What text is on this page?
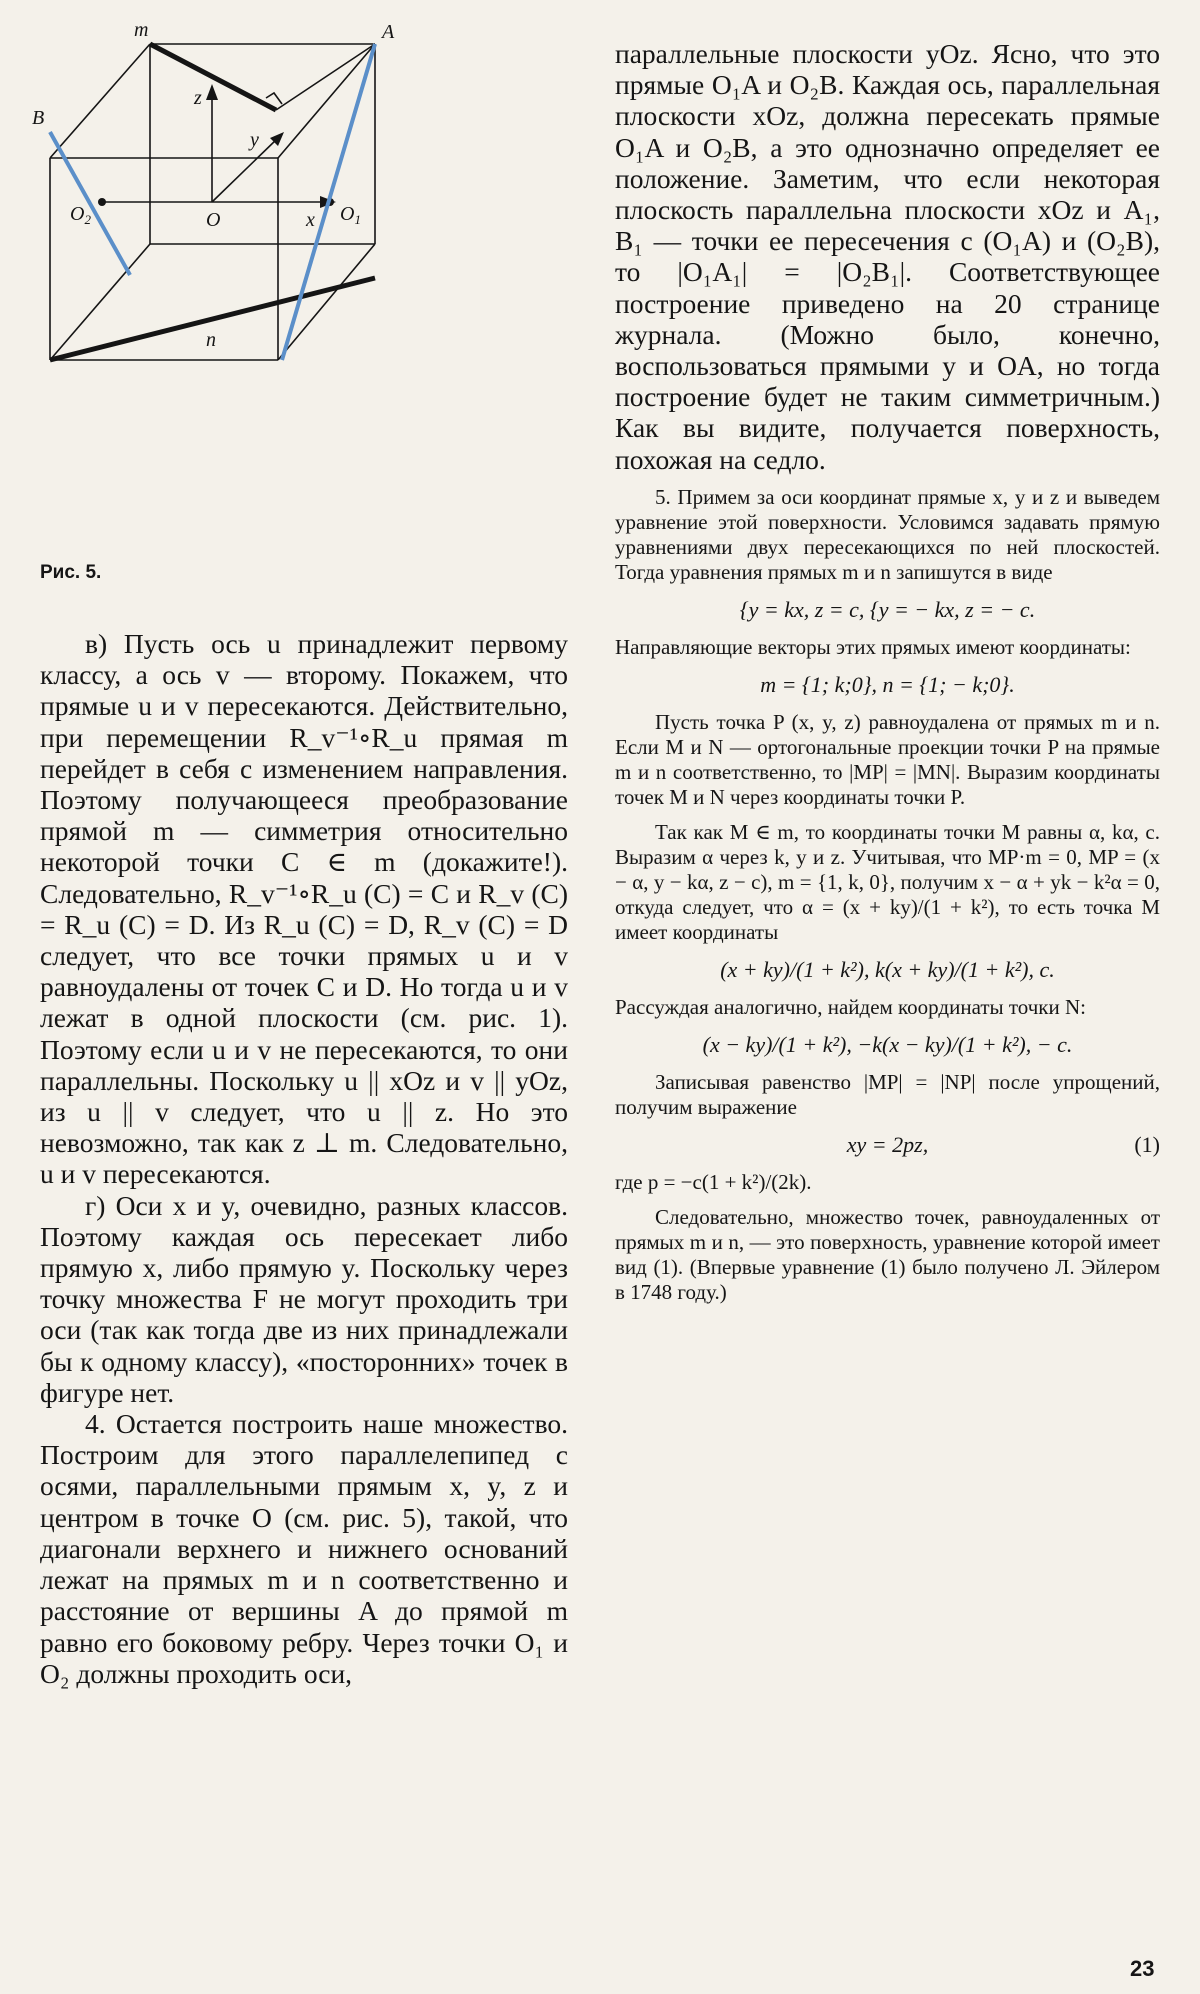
m	A
B
z
y
$O_2$	O	x $O_1$
n
Рис. 5.

в) Пусть ось u принадлежит первому классу, а ось v — второму. Покажем, что прямые u и v пересекаются. Действительно, при перемещении R_v⁻¹∘R_u прямая m перейдет в себя с изменением направления. Поэтому получающееся преобразование прямой m — симметрия относительно некоторой точки C ∈ m (докажите!). Следовательно, R_v⁻¹∘R_u (C) = C и R_v (C) = R_u (C) = D. Из R_u (C) = D, R_v (C) = D следует, что все точки прямых u и v равноудалены от точек C и D. Но тогда u и v лежат в одной плоскости (см. рис. 1). Поэтому если u и v не пересекаются, то они параллельны. Поскольку u || xOz и v || yOz, из u || v следует, что u || z. Но это невозможно, так как z ⊥ m. Следовательно, u и v пересекаются.

г) Оси x и y, очевидно, разных классов. Поэтому каждая ось пересекает либо прямую x, либо прямую y. Поскольку через точку множества F не могут проходить три оси (так как тогда две из них принадлежали бы к одному классу), «посторонних» точек в фигуре нет.

4. Остается построить наше множество. Построим для этого параллелепипед с осями, параллельными прямым x, y, z и центром в точке O (см. рис. 5), такой, что диагонали верхнего и нижнего оснований лежат на прямых m и n соответственно и расстояние от вершины A до прямой m равно его боковому ребру. Через точки O₁ и O₂ должны проходить оси,

параллельные плоскости yOz. Ясно, что это прямые O₁A и O₂B. Каждая ось, параллельная плоскости xOz, должна пересекать прямые O₁A и O₂B, а это однозначно определяет ее положение. Заметим, что если некоторая плоскость параллельна плоскости xOz и A₁, B₁ — точки ее пересечения с (O₁A) и (O₂B), то |O₁A₁| = |O₂B₁|. Соответствующее построение приведено на 20 странице журнала. (Можно было, конечно, воспользоваться прямыми y и OA, но тогда построение будет не таким симметричным.) Как вы видите, получается поверхность, похожая на седло.

5. Примем за оси координат прямые x, y и z и выведем уравнение этой поверхности. Условимся задавать прямую уравнениями двух пересекающихся по ней плоскостей. Тогда уравнения прямых m и n запишутся в виде

{y = kx, z = c, {y = − kx, z = − c.

Направляющие векторы этих прямых имеют координаты:

m = {1; k;0}, n = {1; − k;0}.

Пусть точка P (x, y, z) равноудалена от прямых m и n. Если M и N — ортогональные проекции точки P на прямые m и n соответственно, то |MP| = |MN|. Выразим координаты точек M и N через координаты точки P.

Так как M ∈ m, то координаты точки M равны α, kα, c. Выразим α через k, y и z. Учитывая, что MP·m = 0, MP = (x − α, y − kα, z − c), m = {1, k, 0}, получим x − α + yk − k²α = 0, откуда следует, что α = (x + ky)/(1 + k²), то есть точка M имеет координаты

(x + ky)/(1 + k²), k(x + ky)/(1 + k²), c.

Рассуждая аналогично, найдем координаты точки N:

(x − ky)/(1 + k²), −k(x − ky)/(1 + k²), − c.

Записывая равенство |MP| = |NP| после упрощений, получим выражение

xy = 2pz,	(1)

где p = −c(1 + k²)/(2k).

Следовательно, множество точек, равноудаленных от прямых m и n, — это поверхность, уравнение которой имеет вид (1). (Впервые уравнение (1) было получено Л. Эйлером в 1748 году.)

23
